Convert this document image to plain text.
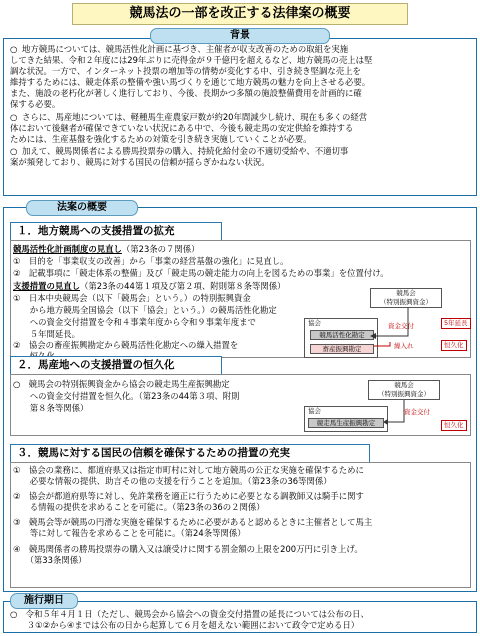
競馬法の一部を改正する法律案の概要
背景
○ 地方競馬については、競馬活性化計画に基づき、主催者が収支改善のための取組を実施
してきた結果、令和２年度には29年ぶりに売得金が９千億円を超えるなど、地方競馬の売上は堅
調な状況。一方で、インターネット投票の増加等の情勢が変化する中、引き続き堅調な売上を
維持するためには、競走体系の整備や強い馬づくりを通じて地方競馬の魅力を向上させる必要。
また、施設の老朽化が著しく進行しており、今後、長期かつ多額の施設整備費用を計画的に確
保する必要。
○ さらに、馬産地については、軽種馬生産農家戸数が約20年間減少し続け、現在も多くの経営
体において後継者が確保できていない状況にある中で、今後も競走馬の安定供給を維持する
ためには、生産基盤を強化するための対策を引き続き実施していくことが必要。
○ 加えて、競馬関係者による勝馬投票券の購入、持続化給付金の不適切受給や、不適切事
案が頻発しており、競馬に対する国民の信頼が揺らぎかねない状況。
法案の概要
１．地方競馬への支援措置の拡充
競馬活性化計画制度の見直し（第23条の７関係）
①　目的を「事業収支の改善」から「事業の経営基盤の強化」に見直し。
②　記載事項に「競走体系の整備」及び「競走馬の競走能力の向上を図るための事業」を位置付け。
支援措置の見直し（第23条の44第１項及び第２項、附則第８条等関係）
①　日本中央競馬会（以下「競馬会」という。）の特別振興資金
　　から地方競馬全国協会（以下「協会」という。）の競馬活性化勘定
　　への資金交付措置を令和４事業年度から令和９事業年度まで
　　５年間延長。
②　協会の畜産振興勘定から競馬活性化勘定への繰入措置を
競馬会
（特別振興資金）
協会
競馬活性化勘定
畜産振興勘定
資金交付
繰入れ
5年延長
恒久化
２．馬産地への支援措置の恒久化
○　競馬会の特別振興資金から協会の競走馬生産振興勘定
　　への資金交付措置を恒久化。（第23条の44第３項、附則
　　第８条等関係）
競馬会
（特別振興資金）
協会
競走馬生産振興勘定
資金交付
恒久化
３．競馬に対する国民の信頼を確保するための措置の充実
①　協会の業務に、都道府県又は指定市町村に対して地方競馬の公正な実施を確保するために
　　必要な情報の提供、助言その他の支援を行うことを追加。（第23条の36等関係）
②　協会が都道府県等に対し、免許業務を適正に行うために必要となる調教師又は騎手に関す
　　る情報の提供を求めることを可能に。（第23条の36の２関係）
③　競馬会等が競馬の円滑な実施を確保するために必要があると認めるときに主催者として馬主
　　等に対して報告を求めることを可能に。（第24条等関係）
④　競馬関係者の勝馬投票券の購入又は譲受けに関する罰金額の上限を200万円に引き上げ。
　　（第33条関係）
施行期日
○　令和５年４月１日（ただし、競馬会から協会への資金交付措置の延長については公布の日、
　　３①②から④までは公布の日から起算して６月を超えない範囲において政令で定める日）
